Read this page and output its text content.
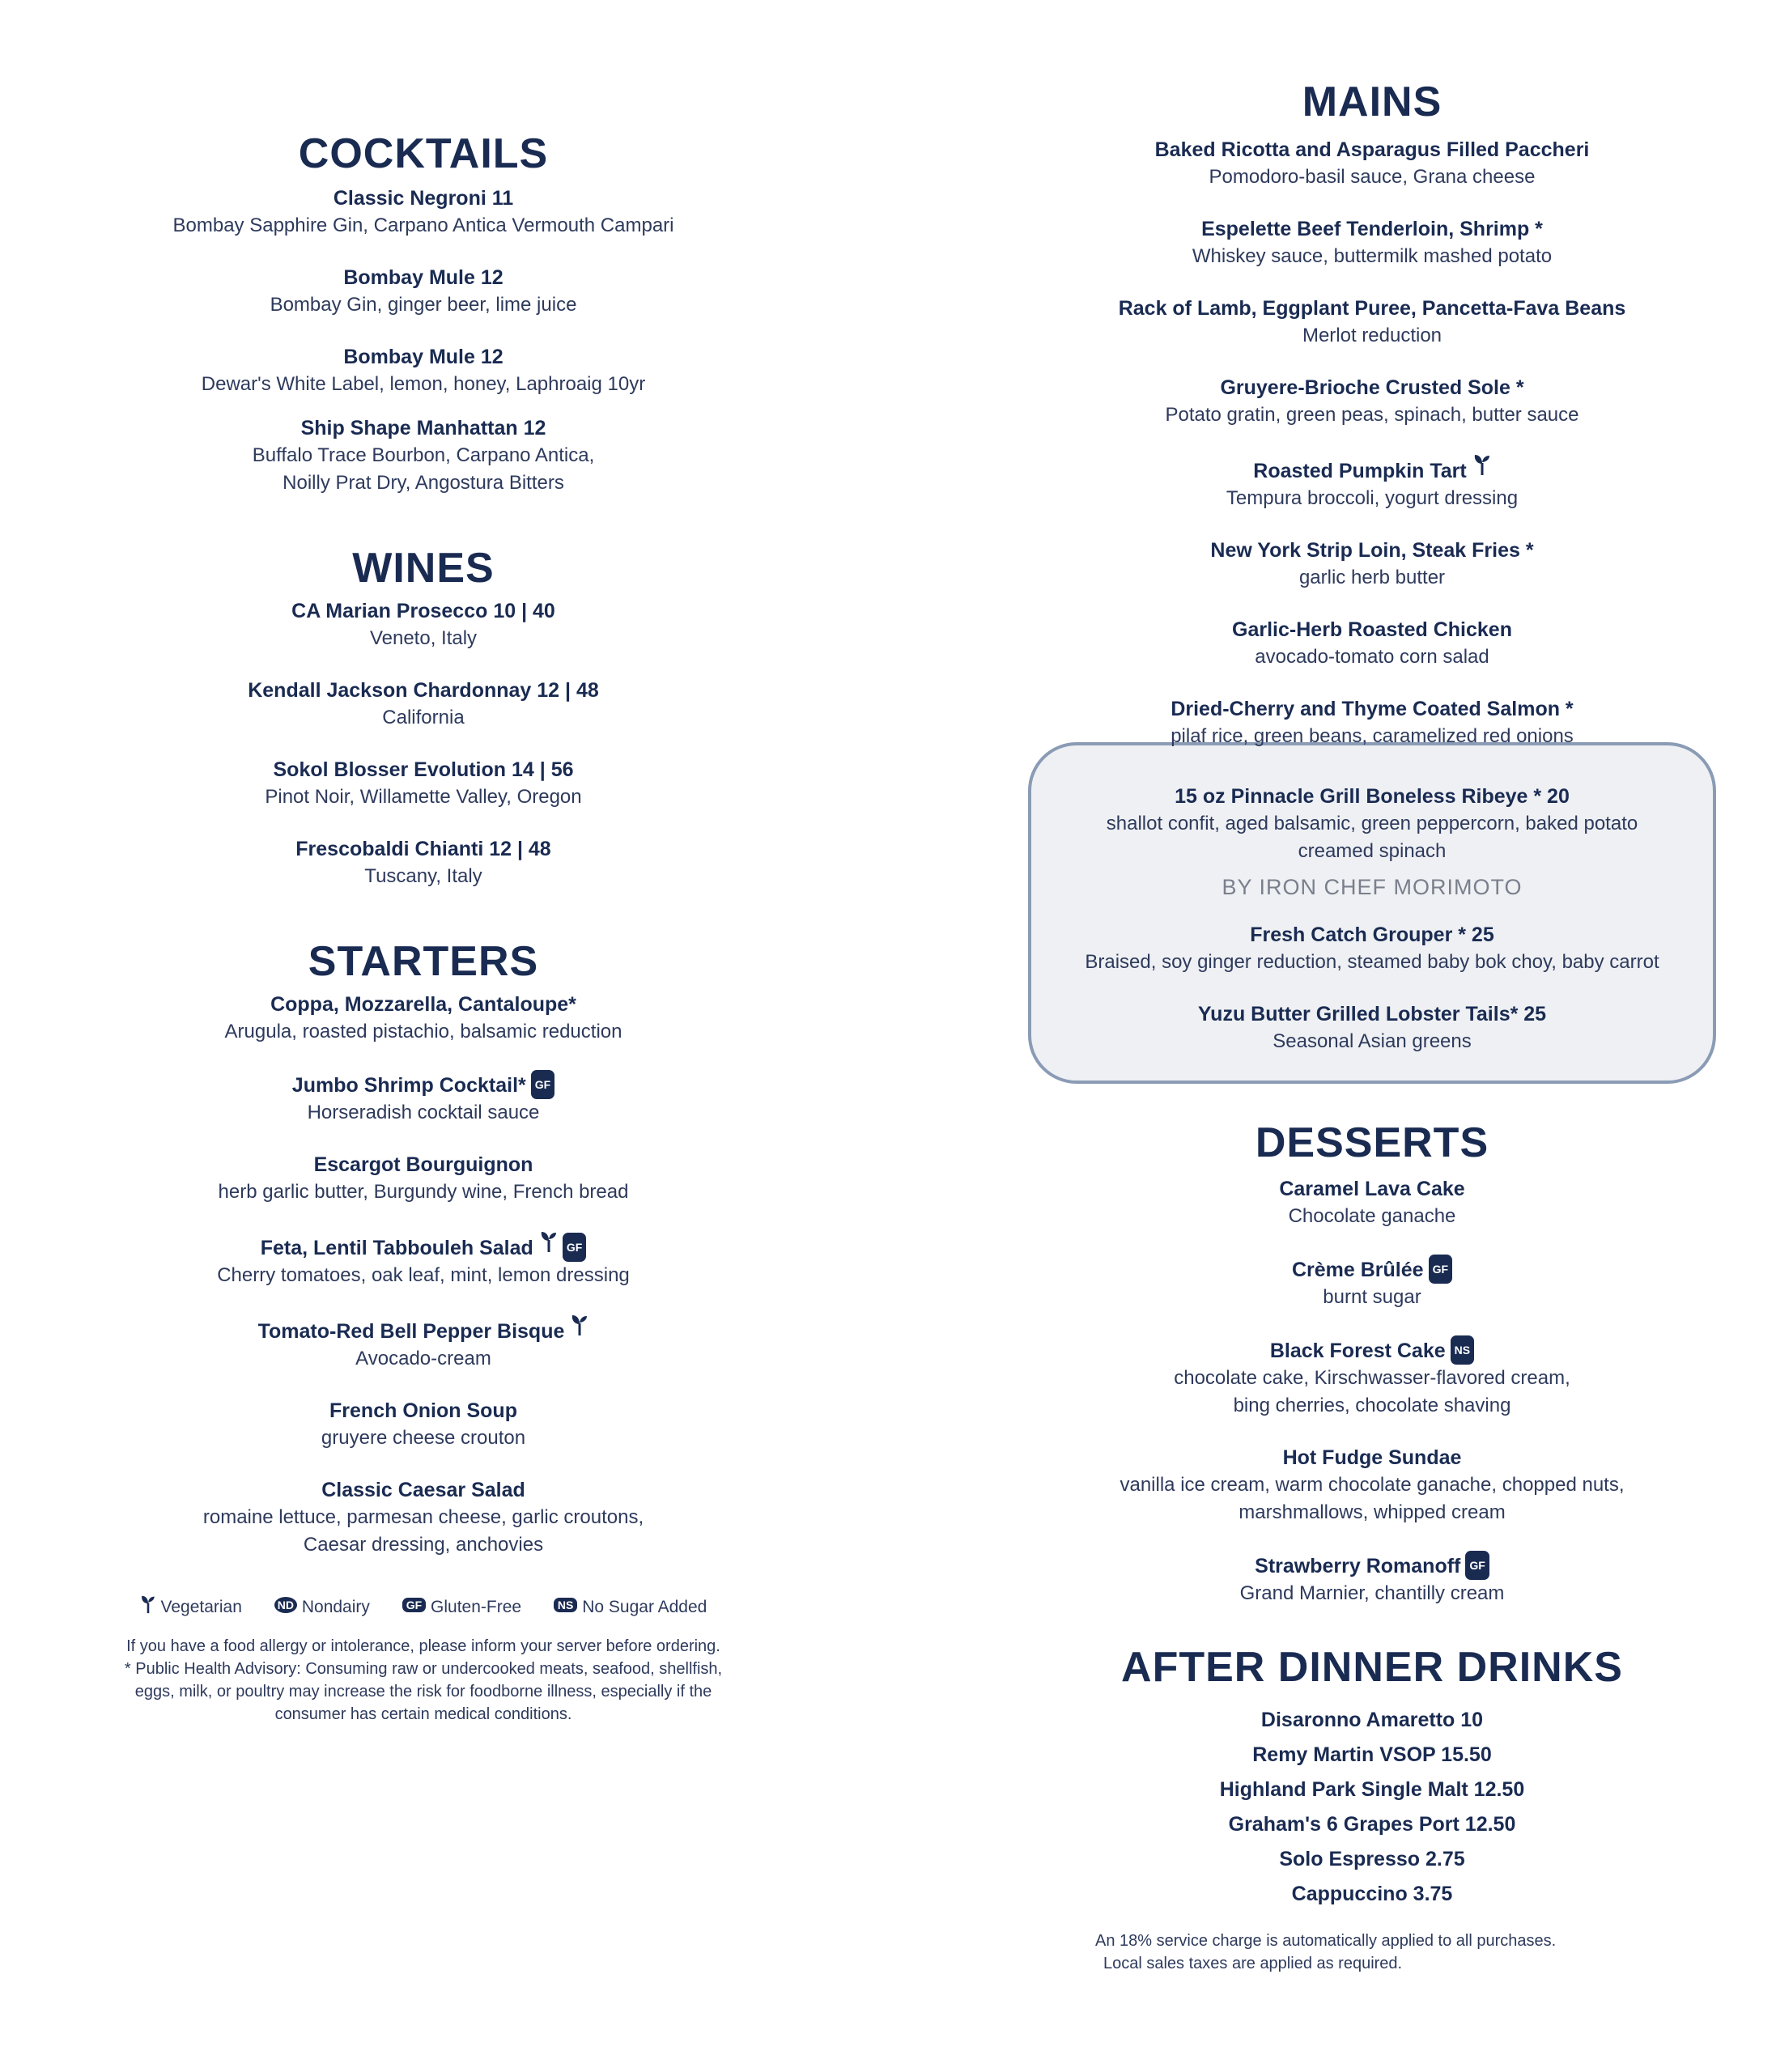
COCKTAILS
Classic Negroni 11
Bombay Sapphire Gin, Carpano Antica Vermouth Campari
Bombay Mule 12
Bombay Gin, ginger beer, lime juice
Bombay Mule 12
Dewar's White Label, lemon, honey, Laphroaig 10yr
Ship Shape Manhattan 12
Buffalo Trace Bourbon, Carpano Antica,
Noilly Prat Dry, Angostura Bitters
WINES
CA Marian Prosecco 10 | 40
Veneto, Italy
Kendall Jackson Chardonnay 12 | 48
California
Sokol Blosser Evolution 14 | 56
Pinot Noir, Willamette Valley, Oregon
Frescobaldi Chianti 12 | 48
Tuscany, Italy
STARTERS
Coppa, Mozzarella, Cantaloupe*
Arugula, roasted pistachio, balsamic reduction
Jumbo Shrimp Cocktail* GF
Horseradish cocktail sauce
Escargot Bourguignon
herb garlic butter, Burgundy wine, French bread
Feta, Lentil Tabbouleh Salad	GF
Cherry tomatoes, oak leaf, mint, lemon dressing
Tomato-Red Bell Pepper Bisque
Avocado-cream
French Onion Soup
gruyere cheese crouton
Classic Caesar Salad
romaine lettuce, parmesan cheese, garlic croutons,
Caesar dressing, anchovies
Vegetarian	ND Nondairy	GF Gluten-Free	NS No Sugar Added
If you have a food allergy or intolerance, please inform your server before ordering.
* Public Health Advisory: Consuming raw or undercooked meats, seafood, shellfish,
eggs, milk, or poultry may increase the risk for foodborne illness, especially if the
consumer has certain medical conditions.
MAINS
Baked Ricotta and Asparagus Filled Paccheri
Pomodoro-basil sauce, Grana cheese
Espelette Beef Tenderloin, Shrimp *
Whiskey sauce, buttermilk mashed potato
Rack of Lamb, Eggplant Puree, Pancetta-Fava Beans
Merlot reduction
Gruyere-Brioche Crusted Sole *
Potato gratin, green peas, spinach, butter sauce
Roasted Pumpkin Tart
Tempura broccoli, yogurt dressing
New York Strip Loin, Steak Fries *
garlic herb butter
Garlic-Herb Roasted Chicken
avocado-tomato corn salad
Dried-Cherry and Thyme Coated Salmon *
pilaf rice, green beans, caramelized red onions
15 oz Pinnacle Grill Boneless Ribeye * 20
shallot confit, aged balsamic, green peppercorn, baked potato
creamed spinach
BY IRON CHEF MORIMOTO
Fresh Catch Grouper * 25
Braised, soy ginger reduction, steamed baby bok choy, baby carrot
Yuzu Butter Grilled Lobster Tails* 25
Seasonal Asian greens
DESSERTS
Caramel Lava Cake
Chocolate ganache
Crème Brûlée GF
burnt sugar
Black Forest Cake NS
chocolate cake, Kirschwasser-flavored cream,
bing cherries, chocolate shaving
Hot Fudge Sundae
vanilla ice cream, warm chocolate ganache, chopped nuts,
marshmallows, whipped cream
Strawberry Romanoff GF
Grand Marnier, chantilly cream
AFTER DINNER DRINKS
Disaronno Amaretto 10
Remy Martin VSOP 15.50
Highland Park Single Malt 12.50
Graham's 6 Grapes Port 12.50
Solo Espresso 2.75
Cappuccino 3.75
An 18% service charge is automatically applied to all purchases.
Local sales taxes are applied as required.
